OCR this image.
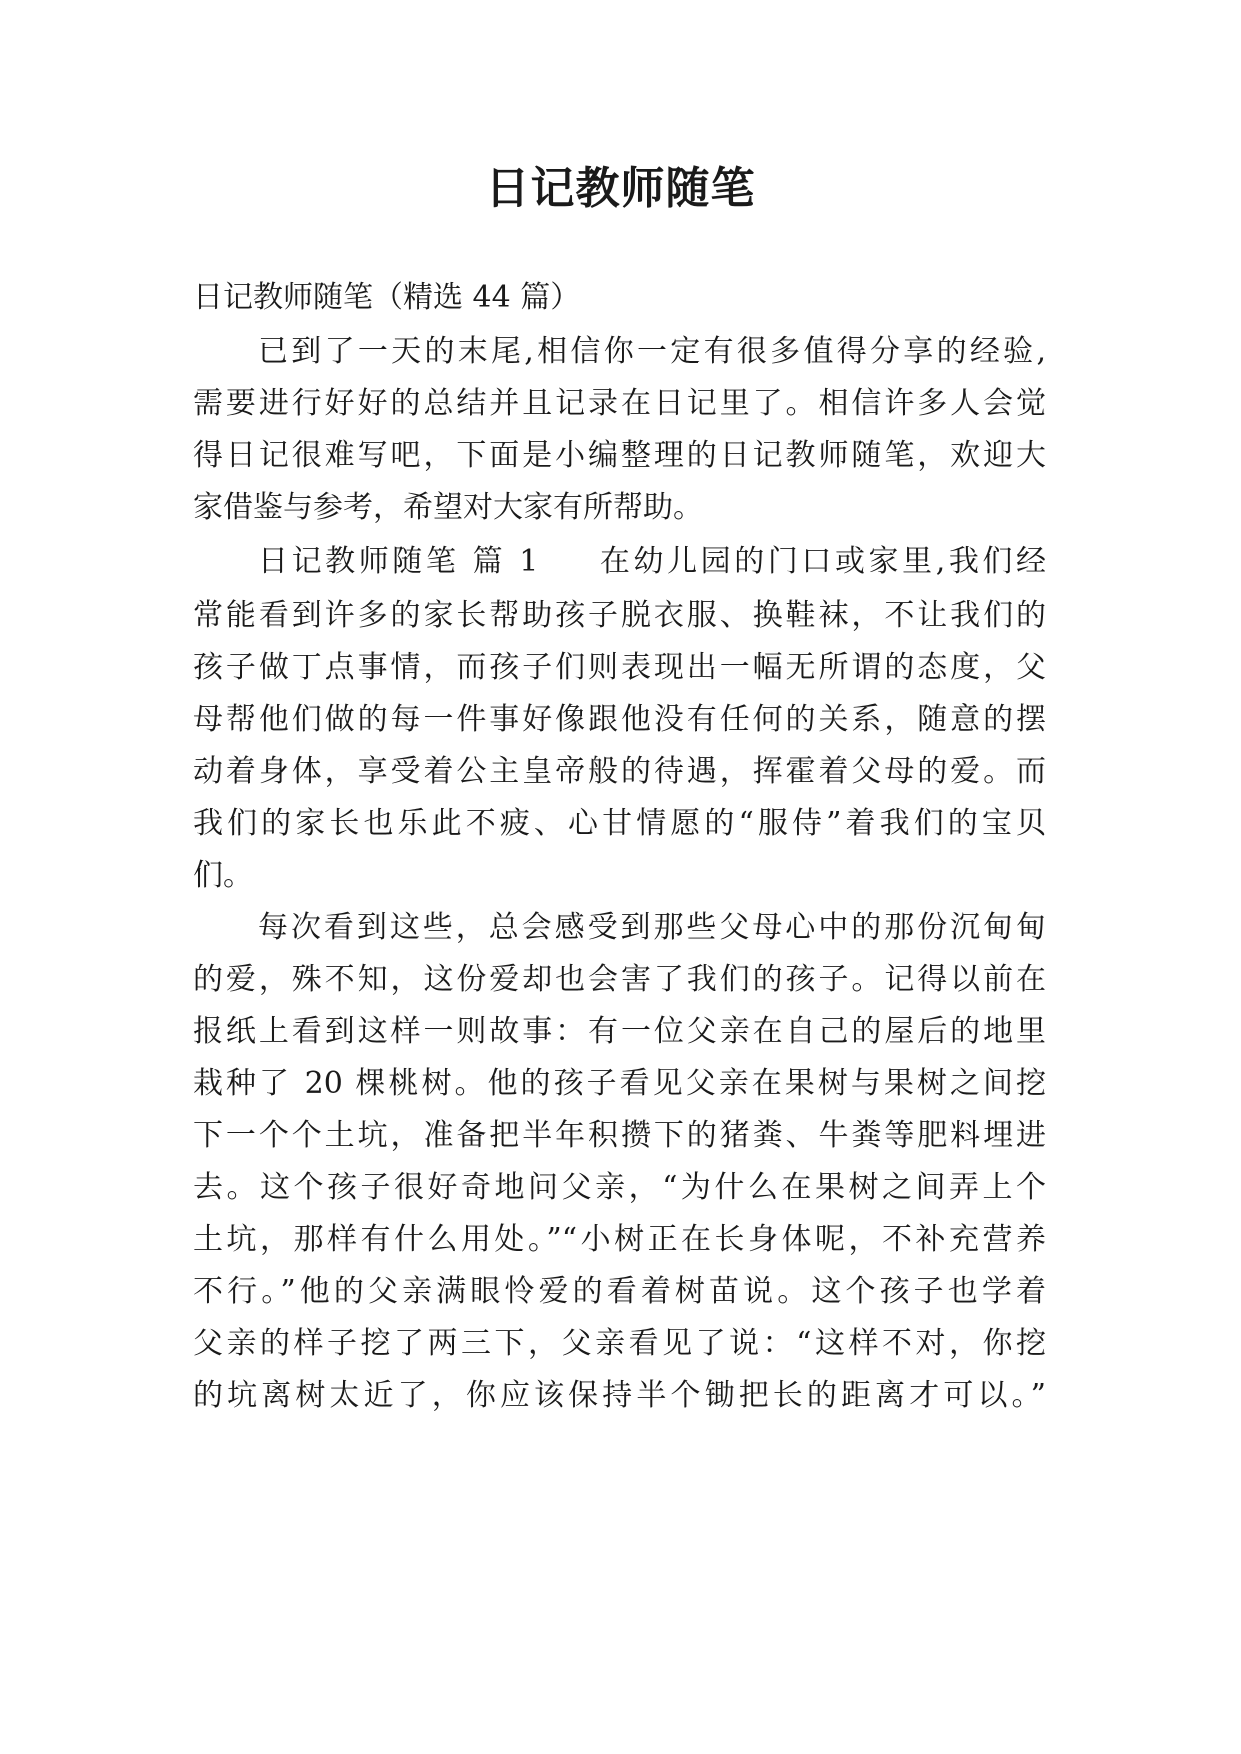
日记教师随笔
日记教师随笔（精选 44 篇）
已到了一天的末尾,相信你一定有很多值得分享的经验,
需要进行好好的总结并且记录在日记里了。相信许多人会觉
得日记很难写吧，下面是小编整理的日记教师随笔，欢迎大
家借鉴与参考，希望对大家有所帮助。
日记教师随笔 篇 1 在幼儿园的门口或家里,我们经
常能看到许多的家长帮助孩子脱衣服、换鞋袜，不让我们的
孩子做丁点事情，而孩子们则表现出一幅无所谓的态度，父
母帮他们做的每一件事好像跟他没有任何的关系，随意的摆
动着身体，享受着公主皇帝般的待遇，挥霍着父母的爱。而
我们的家长也乐此不疲、心甘情愿的“服侍”着我们的宝贝
们。
每次看到这些，总会感受到那些父母心中的那份沉甸甸
的爱，殊不知，这份爱却也会害了我们的孩子。记得以前在
报纸上看到这样一则故事：有一位父亲在自己的屋后的地里
栽种了 20 棵桃树。他的孩子看见父亲在果树与果树之间挖
下一个个土坑，准备把半年积攒下的猪粪、牛粪等肥料埋进
去。这个孩子很好奇地问父亲，“为什么在果树之间弄上个
土坑，那样有什么用处。”“小树正在长身体呢，不补充营养
不行。”他的父亲满眼怜爱的看着树苗说。这个孩子也学着
父亲的样子挖了两三下，父亲看见了说：“这样不对，你挖
的坑离树太近了，你应该保持半个锄把长的距离才可以。”
